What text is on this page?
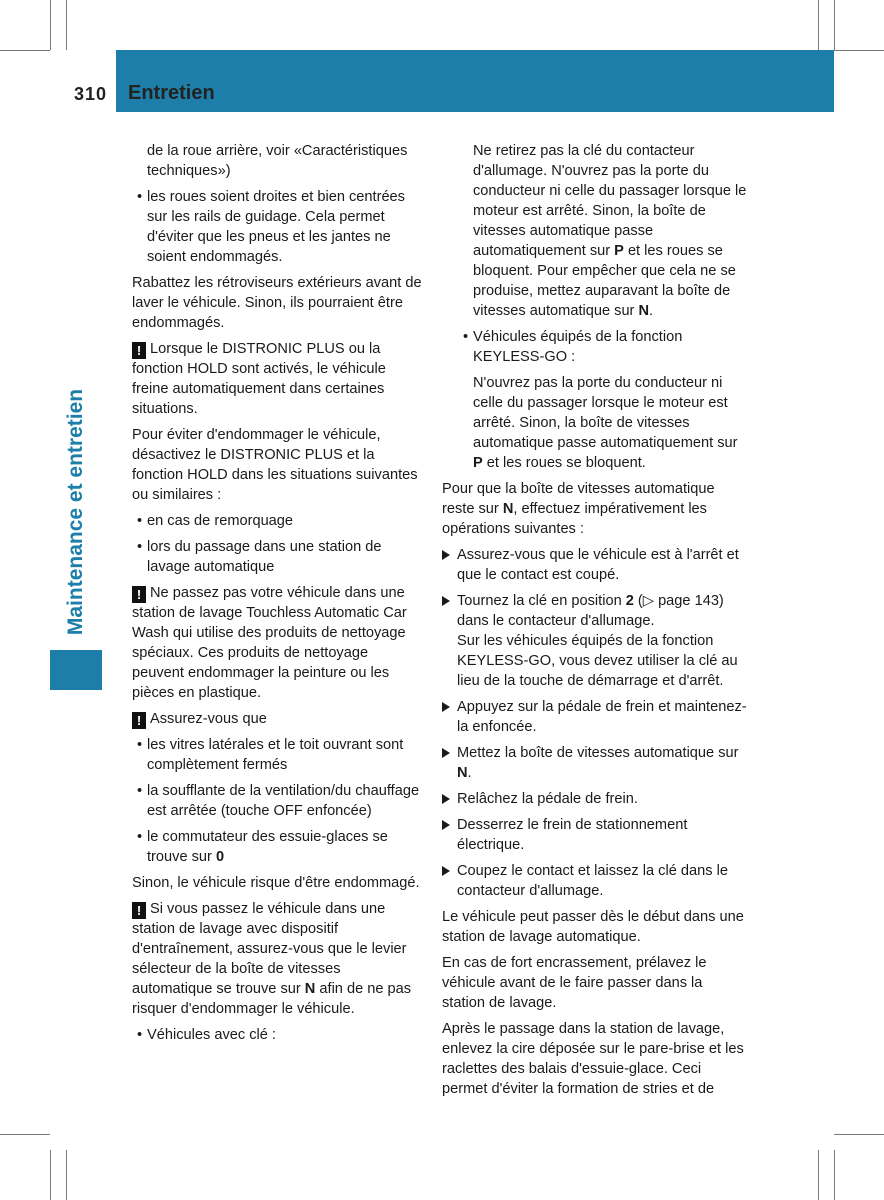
310 Entretien
Maintenance et entretien

de la roue arrière, voir «Caractéristiques techniques»)

• les roues soient droites et bien centrées sur les rails de guidage. Cela permet d'éviter que les pneus et les jantes ne soient endommagés.

Rabattez les rétroviseurs extérieurs avant de laver le véhicule. Sinon, ils pourraient être endommagés.

! Lorsque le DISTRONIC PLUS ou la fonction HOLD sont activés, le véhicule freine automatiquement dans certaines situations.

Pour éviter d'endommager le véhicule, désactivez le DISTRONIC PLUS et la fonction HOLD dans les situations suivantes ou similaires :

• en cas de remorquage

• lors du passage dans une station de lavage automatique

! Ne passez pas votre véhicule dans une station de lavage Touchless Automatic Car Wash qui utilise des produits de nettoyage spéciaux. Ces produits de nettoyage peuvent endommager la peinture ou les pièces en plastique.

! Assurez-vous que

• les vitres latérales et le toit ouvrant sont complètement fermés

• la soufflante de la ventilation/du chauffage est arrêtée (touche OFF enfoncée)

• le commutateur des essuie-glaces se trouve sur 0

Sinon, le véhicule risque d'être endommagé.

! Si vous passez le véhicule dans une station de lavage avec dispositif d'entraînement, assurez-vous que le levier sélecteur de la boîte de vitesses automatique se trouve sur N afin de ne pas risquer d'endommager le véhicule.

• Véhicules avec clé :

Ne retirez pas la clé du contacteur d'allumage. N'ouvrez pas la porte du conducteur ni celle du passager lorsque le moteur est arrêté. Sinon, la boîte de vitesses automatique passe automatiquement sur P et les roues se bloquent. Pour empêcher que cela ne se produise, mettez auparavant la boîte de vitesses automatique sur N.

• Véhicules équipés de la fonction KEYLESS-GO :

N'ouvrez pas la porte du conducteur ni celle du passager lorsque le moteur est arrêté. Sinon, la boîte de vitesses automatique passe automatiquement sur P et les roues se bloquent.

Pour que la boîte de vitesses automatique reste sur N, effectuez impérativement les opérations suivantes :

Assurez-vous que le véhicule est à l'arrêt et que le contact est coupé.

Tournez la clé en position 2 (▷ page 143) dans le contacteur d'allumage.
Sur les véhicules équipés de la fonction KEYLESS-GO, vous devez utiliser la clé au lieu de la touche de démarrage et d'arrêt.

Appuyez sur la pédale de frein et maintenez-la enfoncée.

Mettez la boîte de vitesses automatique sur N.

Relâchez la pédale de frein.

Desserrez le frein de stationnement électrique.

Coupez le contact et laissez la clé dans le contacteur d'allumage.

Le véhicule peut passer dès le début dans une station de lavage automatique.

En cas de fort encrassement, prélavez le véhicule avant de le faire passer dans la station de lavage.

Après le passage dans la station de lavage, enlevez la cire déposée sur le pare-brise et les raclettes des balais d'essuie-glace. Ceci permet d'éviter la formation de stries et de
